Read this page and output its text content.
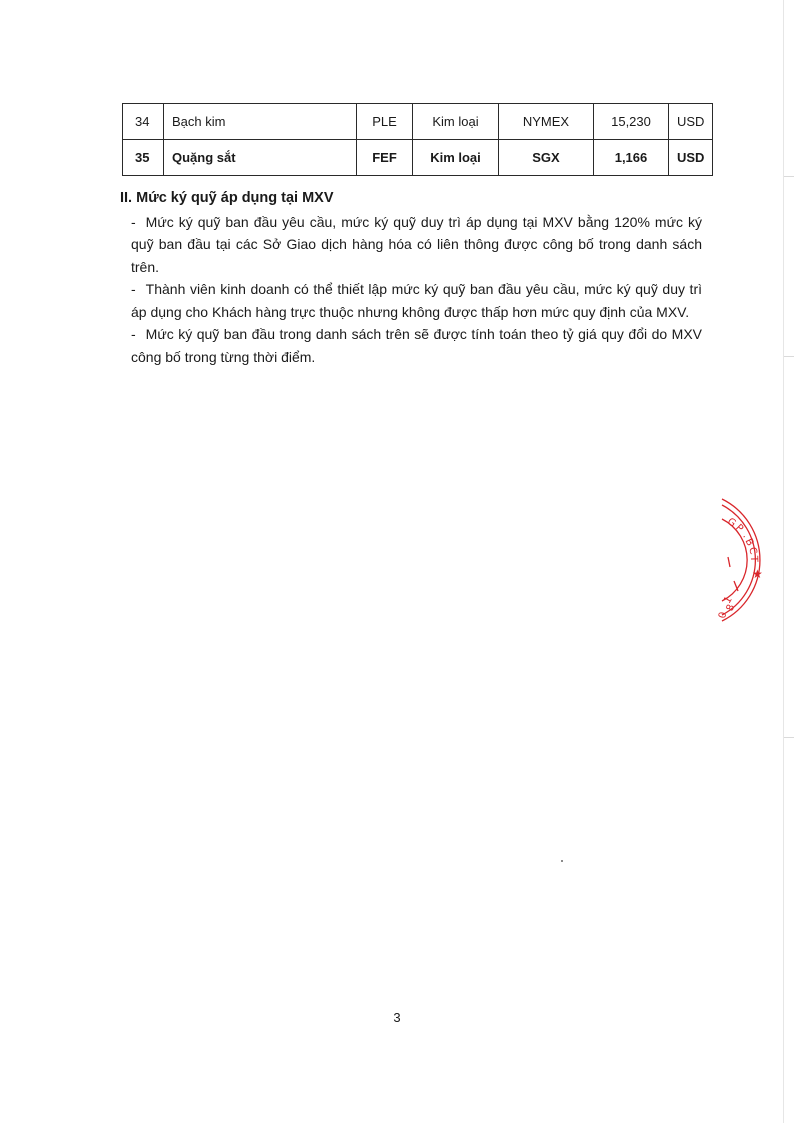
34	Bạch kim	PLE	Kim loại	NYMEX	15,230	USD
35	Quặng sắt	FEF	Kim loại	SGX	1,166	USD

II. Mức ký quỹ áp dụng tại MXV

- Mức ký quỹ ban đầu yêu cầu, mức ký quỹ duy trì áp dụng tại MXV bằng 120% mức ký quỹ ban đầu tại các Sở Giao dịch hàng hóa có liên thông được công bố trong danh sách trên.

- Thành viên kinh doanh có thể thiết lập mức ký quỹ ban đầu yêu cầu, mức ký quỹ duy trì áp dụng cho Khách hàng trực thuộc nhưng không được thấp hơn mức quy định của MXV.

- Mức ký quỹ ban đầu trong danh sách trên sẽ được tính toán theo tỷ giá quy đổi do MXV công bố trong từng thời điểm.

G
P
.
B
C
T
★
1
8
0
3
